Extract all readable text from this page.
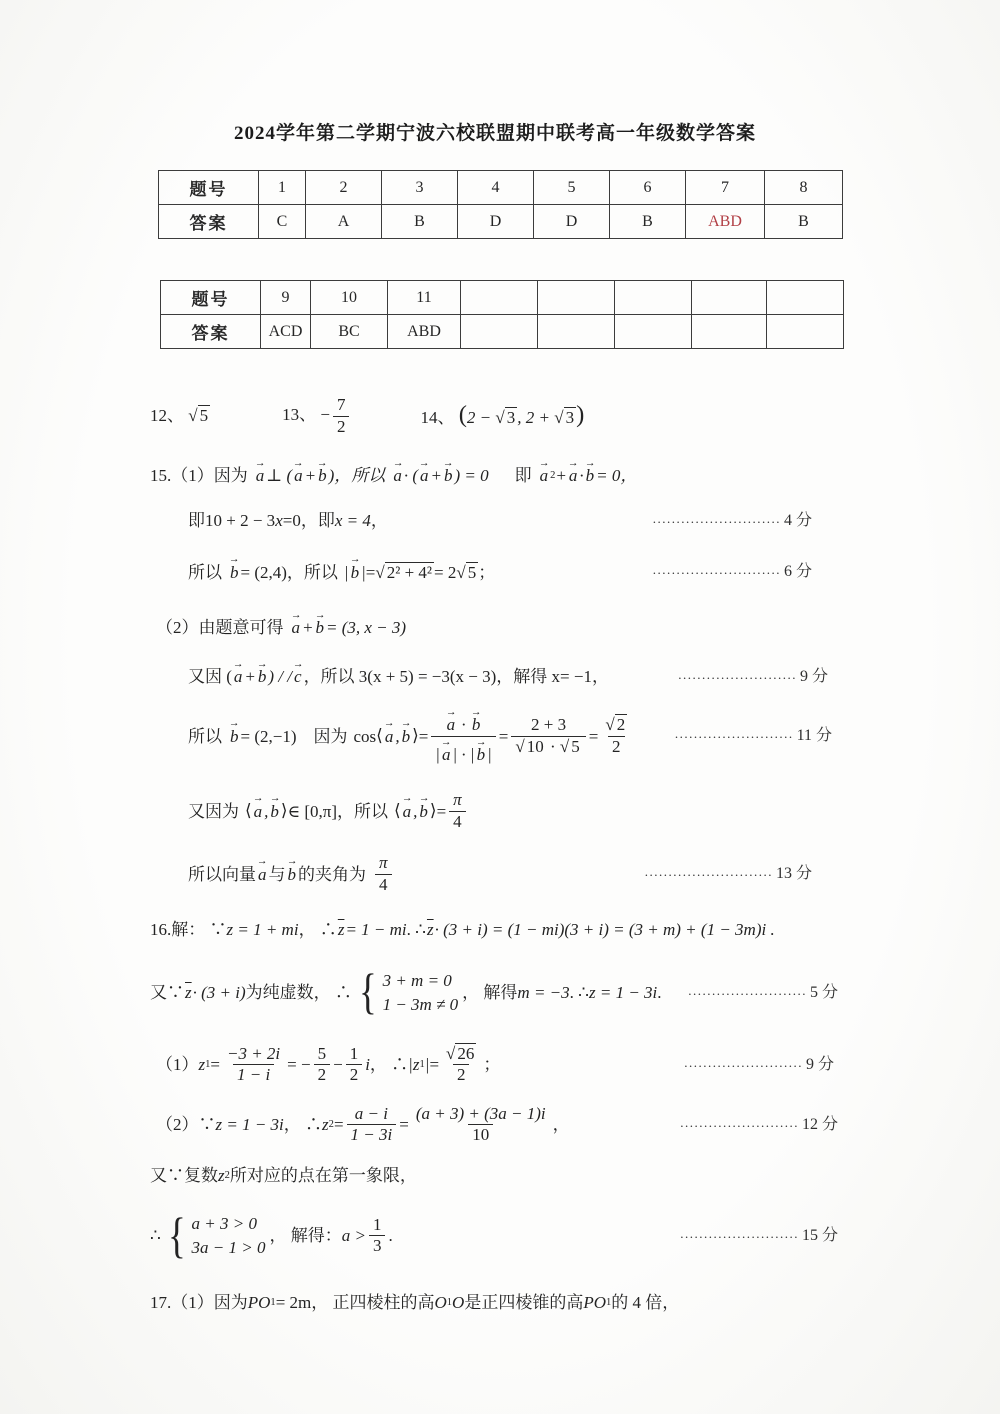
2024学年第二学期宁波六校联盟期中联考高一年级数学答案
题号	1	2	3	4	5	6	7	8
答案	C	A	B	D	D	B	ABD	B
题号	9	10	11					
答案	ACD	BC	ABD					
12、 √ 5	13、 − $\frac{7}{2}$	14、 (2 − √ 3 , 2 + √ 3)
15.（1）因为 a → ⊥ ( a → + b → )，所以 a → · ( a → + b → ) = 0 即 a → 2 + a → · b → = 0，
即10 + 2 − 3 x =0，即 x = 4 ，	........................... 4 分
所以 b → = (2,4)，所以 | b → | = √ 2² + 4² = 2 √ 5 ；	........................... 6 分
（2）由题意可得 a → + b → = (3, x − 3)
又因 ( a → + b → ) / / c → ，所以 3(x + 5) = −3(x − 3)，解得 x= −1，	......................... 9 分
所以 b → = (2,−1)　因为 cos ⟨ a → , b → ⟩ = $\frac{a \to \cdot b \to}{| a \to | \cdot | b \to |} = 2 + 3$
√ 10 · √ 5 = √ $\frac{2}{2}$	......................... 11 分
又因为 ⟨ a → , b → ⟩ ∈ [0,π]，所以 ⟨ a → , b → ⟩ = $\frac{\pi}{4}$
所以向量 a → 与 b → 的夹角为 $\frac{\pi}{4}$	........................... 13 分
16.解： ∵ z = 1 + mi ， ∴ $\overline{z} = 1$ − mi . ∴ $\overline{z} \cdot (3 + i) = (1 - mi)(3 + i) = (3 + m) + (1 - 3m)i$ .
又∵ $\overline{z} \cdot (3 + i)$ 为纯虚数， ∴
{ 3 + m = 0
1 − 3m ≠ 0
， 解得 m = −3 . ∴ z = 1 − 3i . ......................... 5 分
（1） z $1 = \frac{-3 + 2i}{1 - i}$ = − $\frac{5}{2} - \frac{1}{2}$ i ， ∴ | z 1 | = √ $\frac{26}{2}$ ；	......................... 9 分
（2）∵ z = 1 − 3i ， ∴ z $2 = \frac{a - i}{1 - 3i} = \frac{(a + 3) + (3a - 1)i}{10}$ ，	......................... 12 分
又∵复数 z 2 所对应的点在第一象限，
∴
{ a + 3 > 0
3a − 1 > 0
， 解得： $a > \frac{1}{3}$ .	......................... 15 分
17.（1）因为 PO 1 = 2m ， 正四棱柱的高 O 1 O 是正四棱锥的高 PO 1 的 4 倍，
